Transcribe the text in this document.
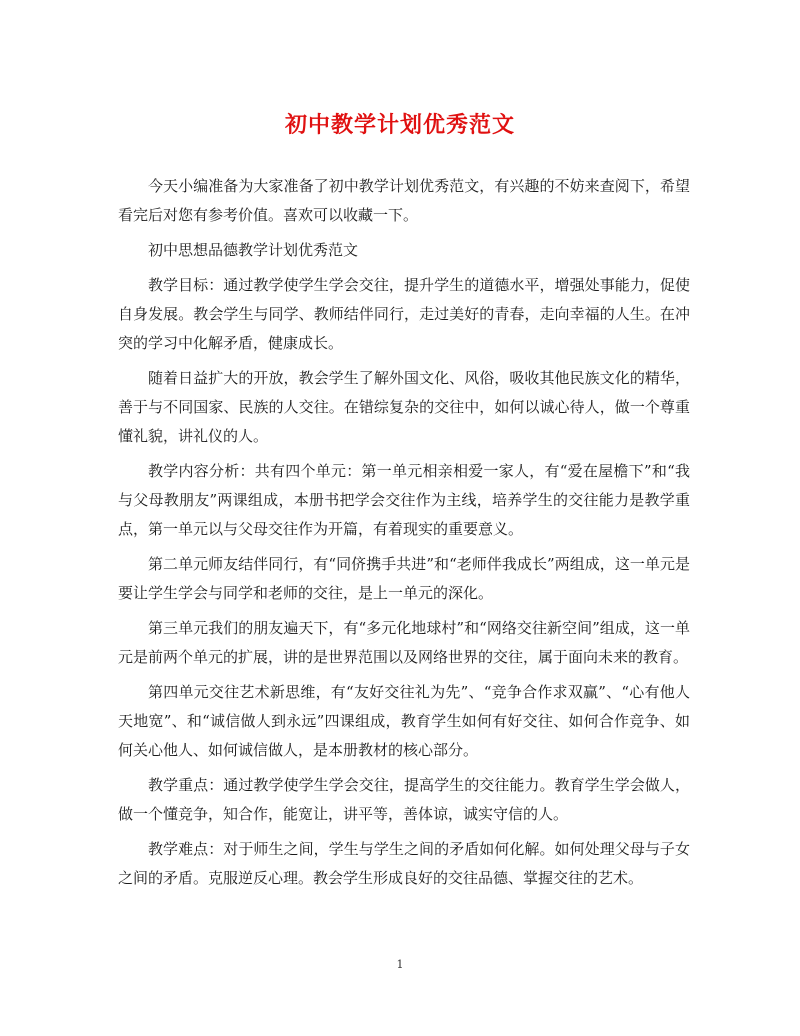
初中教学计划优秀范文

今天小编准备为大家准备了初中教学计划优秀范文，有兴趣的不妨来查阅下，希望看完后对您有参考价值。喜欢可以收藏一下。

初中思想品德教学计划优秀范文

教学目标：通过教学使学生学会交往，提升学生的道德水平，增强处事能力，促使自身发展。教会学生与同学、教师结伴同行，走过美好的青春，走向幸福的人生。在冲突的学习中化解矛盾，健康成长。

随着日益扩大的开放，教会学生了解外国文化、风俗，吸收其他民族文化的精华，善于与不同国家、民族的人交往。在错综复杂的交往中，如何以诚心待人，做一个尊重懂礼貌，讲礼仪的人。

教学内容分析：共有四个单元：第一单元相亲相爱一家人，有“爱在屋檐下”和“我与父母教朋友”两课组成，本册书把学会交往作为主线，培养学生的交往能力是教学重点，第一单元以与父母交往作为开篇，有着现实的重要意义。

第二单元师友结伴同行，有“同侪携手共进”和“老师伴我成长”两组成，这一单元是要让学生学会与同学和老师的交往，是上一单元的深化。

第三单元我们的朋友遍天下，有“多元化地球村”和“网络交往新空间”组成，这一单元是前两个单元的扩展，讲的是世界范围以及网络世界的交往，属于面向未来的教育。

第四单元交往艺术新思维，有“友好交往礼为先”、“竞争合作求双赢”、“心有他人天地宽”、和“诚信做人到永远”四课组成，教育学生如何有好交往、如何合作竞争、如何关心他人、如何诚信做人，是本册教材的核心部分。

教学重点：通过教学使学生学会交往，提高学生的交往能力。教育学生学会做人，做一个懂竞争，知合作，能宽让，讲平等，善体谅，诚实守信的人。

教学难点：对于师生之间，学生与学生之间的矛盾如何化解。如何处理父母与子女之间的矛盾。克服逆反心理。教会学生形成良好的交往品德、掌握交往的艺术。

1
